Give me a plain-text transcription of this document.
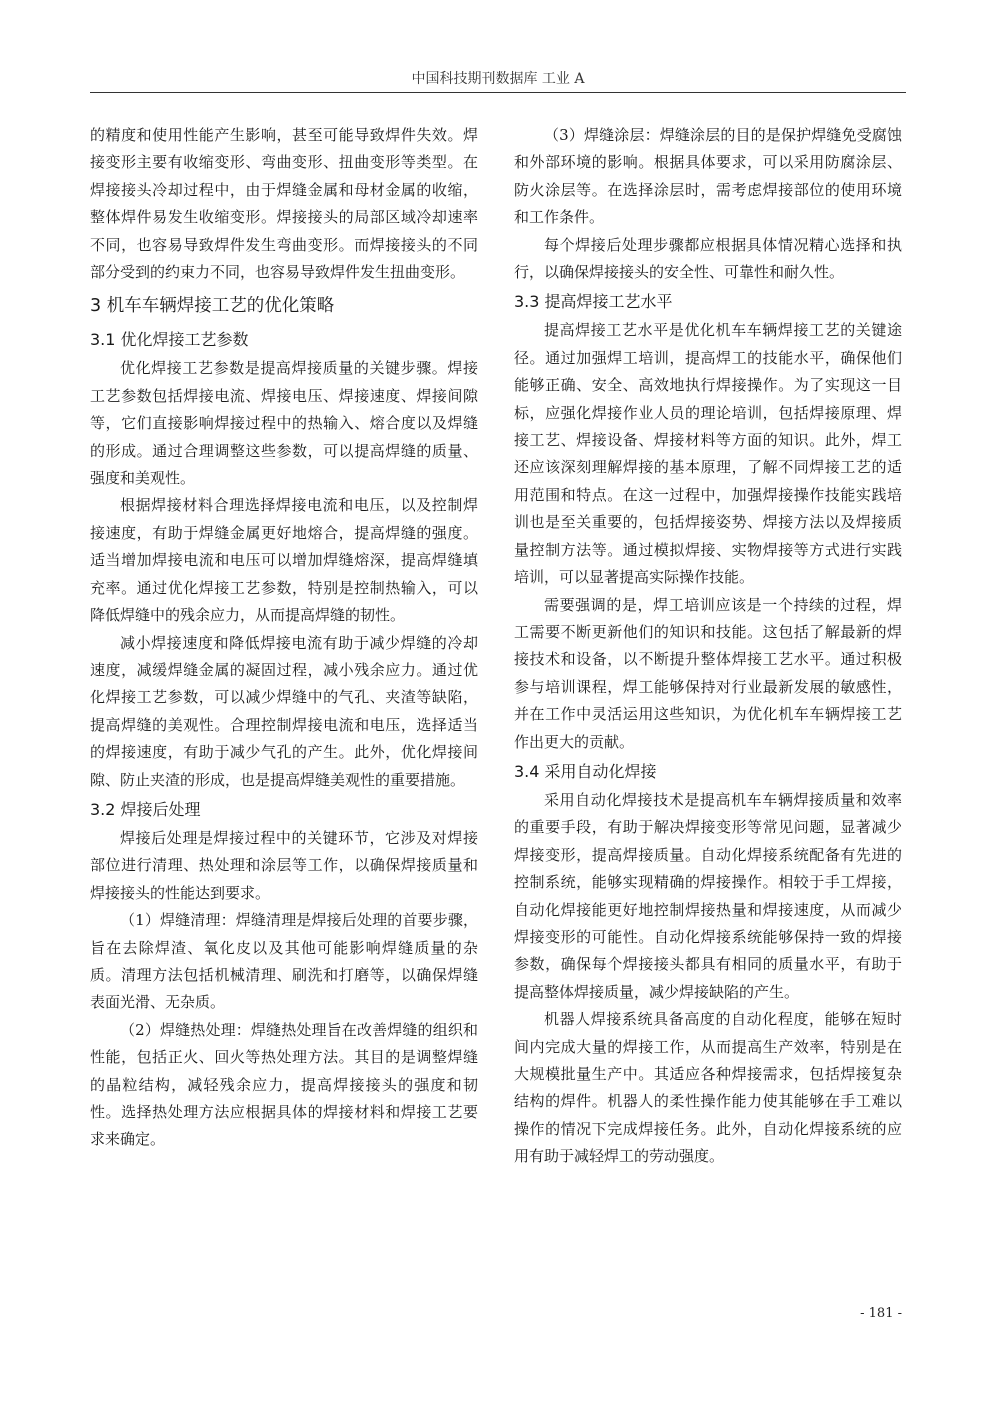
中国科技期刊数据库 工业 A

的精度和使用性能产生影响，甚至可能导致焊件失效。焊接变形主要有收缩变形、弯曲变形、扭曲变形等类型。在焊接接头冷却过程中，由于焊缝金属和母材金属的收缩，整体焊件易发生收缩变形。焊接接头的局部区域冷却速率不同，也容易导致焊件发生弯曲变形。而焊接接头的不同部分受到的约束力不同，也容易导致焊件发生扭曲变形。

3 机车车辆焊接工艺的优化策略
3.1 优化焊接工艺参数

优化焊接工艺参数是提高焊接质量的关键步骤。焊接工艺参数包括焊接电流、焊接电压、焊接速度、焊接间隙等，它们直接影响焊接过程中的热输入、熔合度以及焊缝的形成。通过合理调整这些参数，可以提高焊缝的质量、强度和美观性。

根据焊接材料合理选择焊接电流和电压，以及控制焊接速度，有助于焊缝金属更好地熔合，提高焊缝的强度。适当增加焊接电流和电压可以增加焊缝熔深，提高焊缝填充率。通过优化焊接工艺参数，特别是控制热输入，可以降低焊缝中的残余应力，从而提高焊缝的韧性。

减小焊接速度和降低焊接电流有助于减少焊缝的冷却速度，减缓焊缝金属的凝固过程，减小残余应力。通过优化焊接工艺参数，可以减少焊缝中的气孔、夹渣等缺陷，提高焊缝的美观性。合理控制焊接电流和电压，选择适当的焊接速度，有助于减少气孔的产生。此外，优化焊接间隙、防止夹渣的形成，也是提高焊缝美观性的重要措施。

3.2 焊接后处理

焊接后处理是焊接过程中的关键环节，它涉及对焊接部位进行清理、热处理和涂层等工作，以确保焊接质量和焊接接头的性能达到要求。

（1）焊缝清理：焊缝清理是焊接后处理的首要步骤，旨在去除焊渣、氧化皮以及其他可能影响焊缝质量的杂质。清理方法包括机械清理、刷洗和打磨等，以确保焊缝表面光滑、无杂质。

（2）焊缝热处理：焊缝热处理旨在改善焊缝的组织和性能，包括正火、回火等热处理方法。其目的是调整焊缝的晶粒结构，减轻残余应力，提高焊接接头的强度和韧性。选择热处理方法应根据具体的焊接材料和焊接工艺要求来确定。

（3）焊缝涂层：焊缝涂层的目的是保护焊缝免受腐蚀和外部环境的影响。根据具体要求，可以采用防腐涂层、防火涂层等。在选择涂层时，需考虑焊接部位的使用环境和工作条件。

每个焊接后处理步骤都应根据具体情况精心选择和执行，以确保焊接接头的安全性、可靠性和耐久性。

3.3 提高焊接工艺水平

提高焊接工艺水平是优化机车车辆焊接工艺的关键途径。通过加强焊工培训，提高焊工的技能水平，确保他们能够正确、安全、高效地执行焊接操作。为了实现这一目标，应强化焊接作业人员的理论培训，包括焊接原理、焊接工艺、焊接设备、焊接材料等方面的知识。此外，焊工还应该深刻理解焊接的基本原理，了解不同焊接工艺的适用范围和特点。在这一过程中，加强焊接操作技能实践培训也是至关重要的，包括焊接姿势、焊接方法以及焊接质量控制方法等。通过模拟焊接、实物焊接等方式进行实践培训，可以显著提高实际操作技能。

需要强调的是，焊工培训应该是一个持续的过程，焊工需要不断更新他们的知识和技能。这包括了解最新的焊接技术和设备，以不断提升整体焊接工艺水平。通过积极参与培训课程，焊工能够保持对行业最新发展的敏感性，并在工作中灵活运用这些知识，为优化机车车辆焊接工艺作出更大的贡献。

3.4 采用自动化焊接

采用自动化焊接技术是提高机车车辆焊接质量和效率的重要手段，有助于解决焊接变形等常见问题，显著减少焊接变形，提高焊接质量。自动化焊接系统配备有先进的控制系统，能够实现精确的焊接操作。相较于手工焊接，自动化焊接能更好地控制焊接热量和焊接速度，从而减少焊接变形的可能性。自动化焊接系统能够保持一致的焊接参数，确保每个焊接接头都具有相同的质量水平，有助于提高整体焊接质量，减少焊接缺陷的产生。

机器人焊接系统具备高度的自动化程度，能够在短时间内完成大量的焊接工作，从而提高生产效率，特别是在大规模批量生产中。其适应各种焊接需求，包括焊接复杂结构的焊件。机器人的柔性操作能力使其能够在手工难以操作的情况下完成焊接任务。此外，自动化焊接系统的应用有助于减轻焊工的劳动强度。

- 181 -
